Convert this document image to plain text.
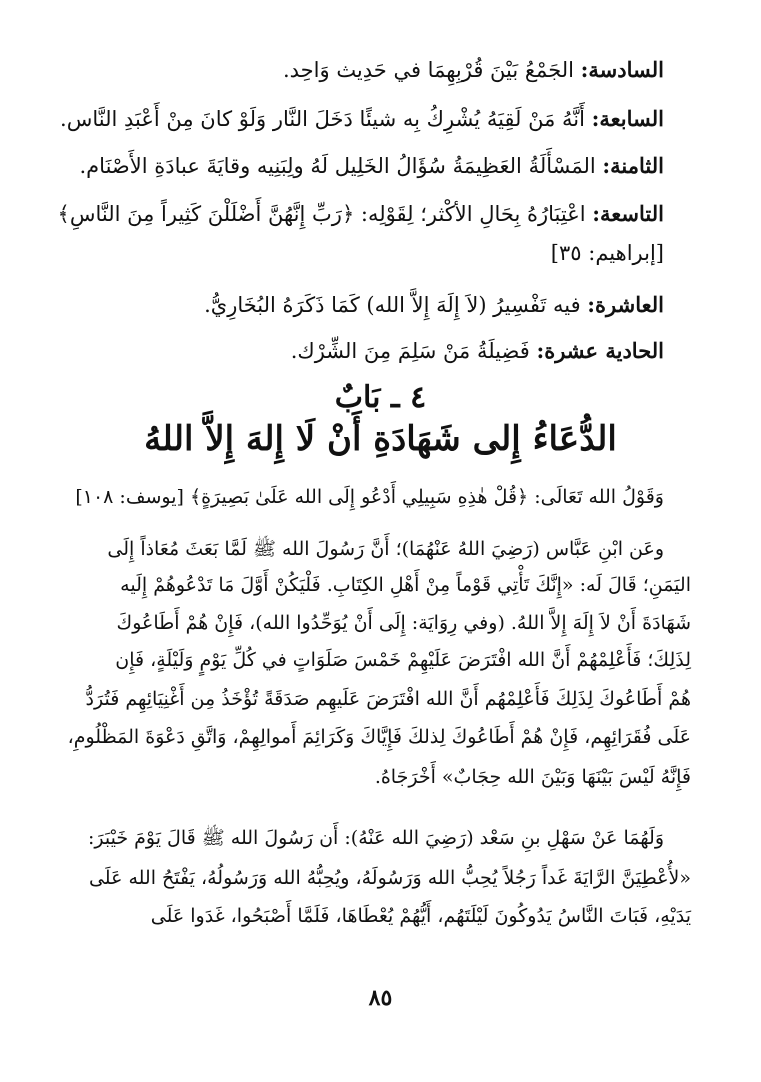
السادسة: الجَمْعُ بَيْنَ قُرْبِهِمَا في حَدِيث وَاحِد.
السابعة: أَنَّهُ مَنْ لَقِيَهُ يُشْرِكُ بِه شيئًا دَخَلَ النَّار وَلَوْ كانَ مِنْ أَعْبَدِ النَّاس.
الثامنة: المَسْأَلَةُ العَظِيمَةُ سُؤَالُ الخَلِيل لَهُ ولِبَنِيه وقايَةَ عبادَةِ الأَصْنَام.
التاسعة: اعْتِبَارُهُ بِحَالِ الأكْثر؛ لِقَوْلِه: ﴿رَبِّ إِنَّهُنَّ أَضْلَلْنَ كَثِيراً مِنَ النَّاسِ﴾
[إبراهيم: ٣٥]
العاشرة: فيه تَفْسِيرُ (لاَ إِلَهَ إِلاَّ الله) كَمَا ذَكَرَهُ البُخَارِيُّ.
الحادية عشرة: فَضِيلَةُ مَنْ سَلِمَ مِنَ الشِّرْك.
٤ ـ بَابٌ
الدُّعَاءُ إِلى شَهَادَةِ أَنْ لَا إِلهَ إِلاَّ اللهُ
وَقَوْلُ الله تَعَالَى: ﴿قُلْ هٰذِهِ سَبِيلِي أَدْعُو إِلَى الله عَلَىٰ بَصِيرَةٍ﴾ [يوسف: ١٠٨]
وعَن ابْنِ عَبَّاس (رَضِيَ اللهُ عَنْهُمَا)؛ أَنَّ رَسُولَ الله ﷺ لَمَّا بَعَثَ مُعَاذاً إِلَى
اليَمَنِ؛ قَالَ لَه: «إِنَّكَ تَأْتِي قَوْماً مِنْ أَهْلِ الكِتَابِ. فَلْيَكُنْ أَوَّلَ مَا تَدْعُوهُمْ إِلَيه
شَهَادَةَ أَنْ لاَ إِلَهَ إِلاَّ اللهُ. (وفي رِوَايَة: إِلَى أَنْ يُوَحِّدُوا الله)، فَإِنْ هُمْ أَطَاعُوكَ
لِذَلِكَ؛ فَأَعْلِمْهُمْ أَنَّ الله افْتَرَضَ عَلَيْهِمْ خَمْسَ صَلَوَاتٍ في كُلِّ يَوْمٍ وَلَيْلَةٍ، فَإِن
هُمْ أَطَاعُوكَ لِذَلِكَ فَأَعْلِمْهُم أَنَّ الله افْتَرَضَ عَلَيهِم صَدَقَةً تُؤْخَذُ مِن أَغْنِيَائِهِم فَتُرَدُّ
عَلَى فُقَرَائِهِم، فَإِنْ هُمْ أَطَاعُوكَ لِذلكَ فَإِيَّاكَ وَكَرَائِمَ أَموالِهِمْ، وَاتَّقِ دَعْوَةَ المَظْلُومِ،
فَإِنَّهُ لَيْسَ بَيْنَهَا وَبَيْنَ الله حِجَابٌ» أَخْرَجَاهُ.
وَلَهُمَا عَنْ سَهْلِ بنِ سَعْد (رَضِيَ الله عَنْهُ): أَن رَسُولَ الله ﷺ قَالَ يَوْمَ خَيْبَرَ:
«لأُعْطِيَنَّ الرَّايَةَ غَداً رَجُلاً يُحِبُّ الله وَرَسُولَهُ، ويُحِبُّهُ الله وَرَسُولُهُ، يَفْتَحُ الله عَلَى
يَدَيْهِ، فَبَاتَ النَّاسُ يَدُوكُونَ لَيْلَتَهُم، أَيُّهُمْ يُعْطَاهَا، فَلَمَّا أَصْبَحُوا، غَدَوا عَلَى
٨٥
